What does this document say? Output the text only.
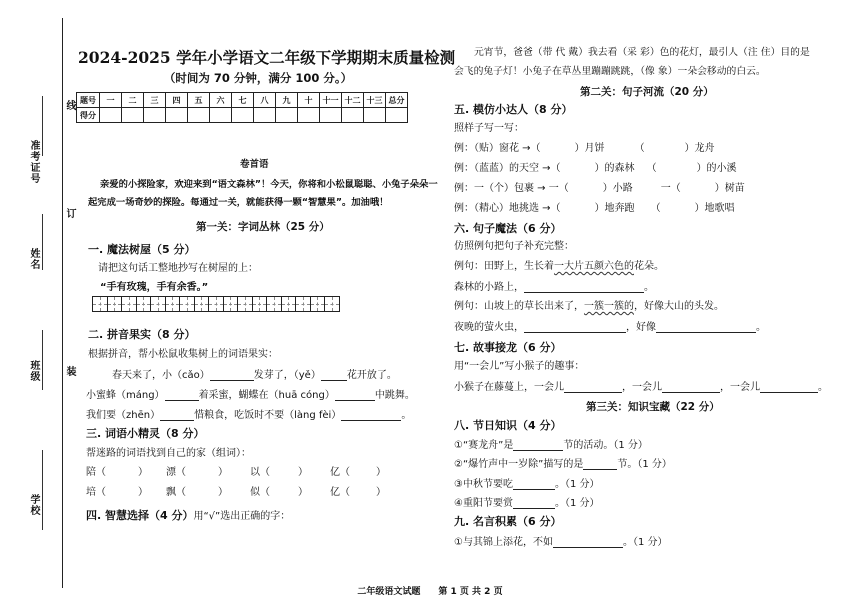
线
订
装
准考证号
姓名
班级
学校
2024-2025 学年小学语文二年级下学期期末质量检测
（时间为 70 分钟，满分 100 分。）
题号	一	二	三	四	五	六	七	八	九	十	十一	十二	十三	总分
得分														
卷首语
亲爱的小探险家，欢迎来到“语文森林”！今天，你将和小松鼠聪聪、小兔子朵朵一
起完成一场奇妙的探险。每通过一关，就能获得一颗“智慧果”。加油哦！
第一关：字词丛林（25 分）
一. 魔法树屋（5 分）
请把这句话工整地抄写在树屋的上：
“手有玫瑰，手有余香。”
二. 拼音果实（8 分）
根据拼音，帮小松鼠收集树上的词语果实：
春天来了，小（cǎo）	发芽了，（yě）	花开放了。
小蜜蜂（máng）	着采蜜，蝴蝶在（huā cóng）	中跳舞。
我们要（zhēn）	惜粮食，吃饭时不要（làng fèi）	。
三. 词语小精灵（8 分）
帮迷路的词语找到自己的家（组词）：
陪（	） 漂（	） 以（	） 亿（	）
培（	） 飘（	） 似（	） 亿（	）
四. 智慧选择（4 分）用“√”选出正确的字：
元宵节，爸爸（带 代 戴）我去看（采 彩）色的花灯，最引人（注 住）目的是
会飞的兔子灯！小兔子在草丛里蹦蹦跳跳，（像 象）一朵会移动的白云。
第二关：句子河流（20 分）
五. 模仿小达人（8 分）
照样子写一写：
例：（贴）窗花 →（	）月饼	（	）龙舟
例：（蓝蓝）的天空 →（	）的森林 （	）的小溪
例：一（个）包裹 → 一（	）小路	一（	）树苗
例：（精心）地挑选 →（	）地奔跑 （	）地歌唱
六. 句子魔法（6 分）
仿照例句把句子补充完整：
例句：田野上，生长着一大片五颜六色的花朵。
森林的小路上，	。
例句：山坡上的草长出来了，一簇一簇的，好像大山的头发。
夜晚的萤火虫，	，好像	。
七. 故事接龙（6 分）
用“一会儿”写小猴子的趣事：
小猴子在藤蔓上，一会儿	，一会儿	，一会儿	。
第三关：知识宝藏（22 分）
八. 节日知识（4 分）
①“赛龙舟”是	节的活动。（1 分）
②“爆竹声中一岁除”描写的是	节。（1 分）
③中秋节要吃	。（1 分）
④重阳节要赏	。（1 分）
九. 名言积累（6 分）
①与其锦上添花，不如	。（1 分）
二年级语文试题　　第 1 页 共 2 页
